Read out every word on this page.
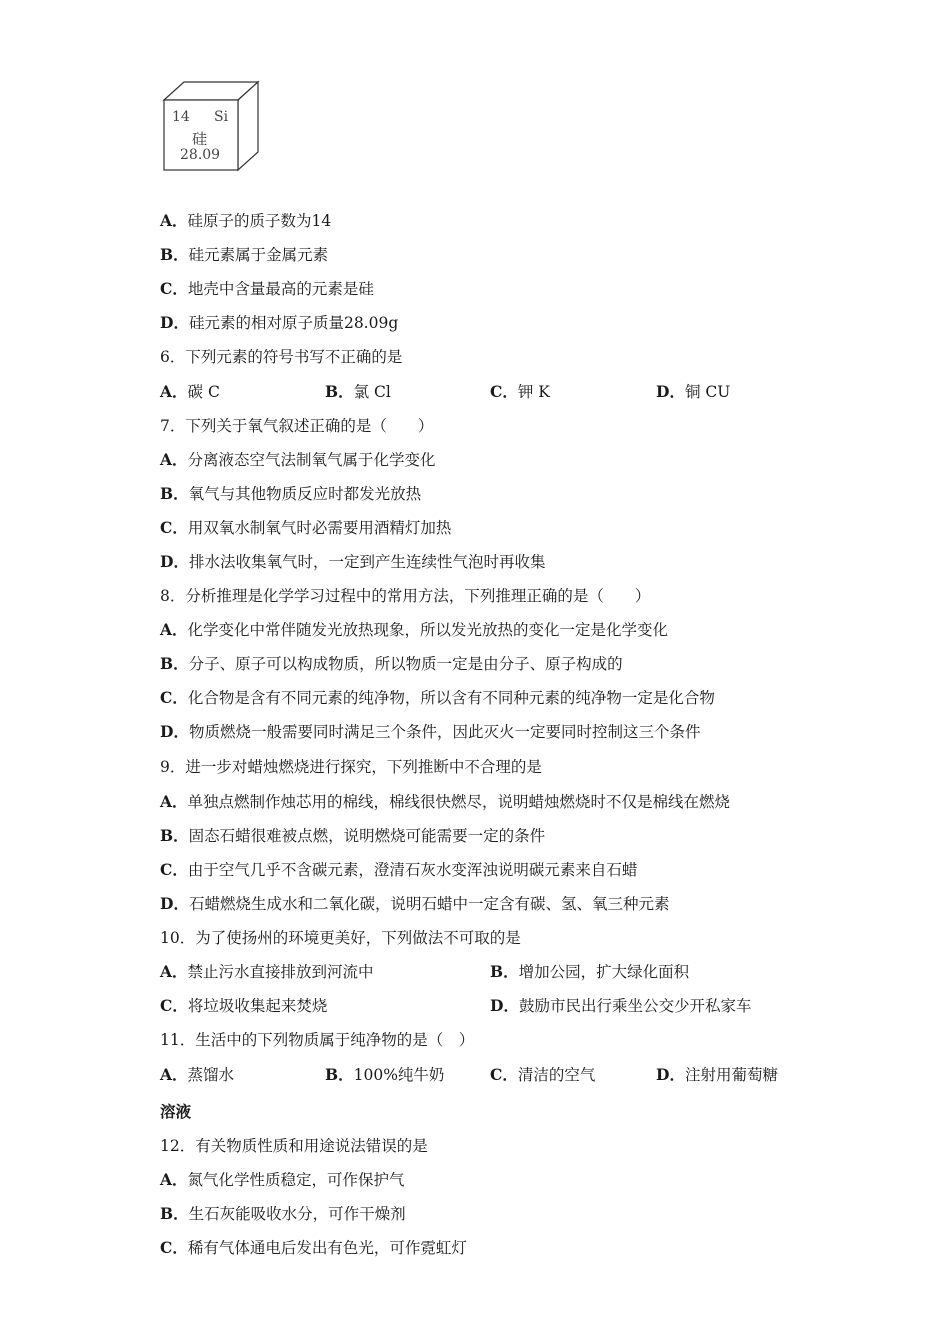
14 Si
硅
28.09
A．硅原子的质子数为14
B．硅元素属于金属元素
C．地壳中含量最高的元素是硅
D．硅元素的相对原子质量28.09g
6．下列元素的符号书写不正确的是
A．碳 C	B．氯 Cl	C．钾 K	D．铜 CU
7．下列关于氧气叙述正确的是（　　）
A．分离液态空气法制氧气属于化学变化
B．氧气与其他物质反应时都发光放热
C．用双氧水制氧气时必需要用酒精灯加热
D．排水法收集氧气时，一定到产生连续性气泡时再收集
8．分析推理是化学学习过程中的常用方法，下列推理正确的是（　　）
A．化学变化中常伴随发光放热现象，所以发光放热的变化一定是化学变化
B．分子、原子可以构成物质，所以物质一定是由分子、原子构成的
C．化合物是含有不同元素的纯净物，所以含有不同种元素的纯净物一定是化合物
D．物质燃烧一般需要同时满足三个条件，因此灭火一定要同时控制这三个条件
9．进一步对蜡烛燃烧进行探究，下列推断中不合理的是
A．单独点燃制作烛芯用的棉线，棉线很快燃尽，说明蜡烛燃烧时不仅是棉线在燃烧
B．固态石蜡很难被点燃，说明燃烧可能需要一定的条件
C．由于空气几乎不含碳元素，澄清石灰水变浑浊说明碳元素来自石蜡
D．石蜡燃烧生成水和二氧化碳，说明石蜡中一定含有碳、氢、氧三种元素
10．为了使扬州的环境更美好，下列做法不可取的是
A．禁止污水直接排放到河流中	B．增加公园，扩大绿化面积
C．将垃圾收集起来焚烧	D．鼓励市民出行乘坐公交少开私家车
11．生活中的下列物质属于纯净物的是（　）
A．蒸馏水	B．100%纯牛奶	C．清洁的空气	D．注射用葡萄糖
溶液
12．有关物质性质和用途说法错误的是
A．氮气化学性质稳定，可作保护气
B．生石灰能吸收水分，可作干燥剂
C．稀有气体通电后发出有色光，可作霓虹灯
